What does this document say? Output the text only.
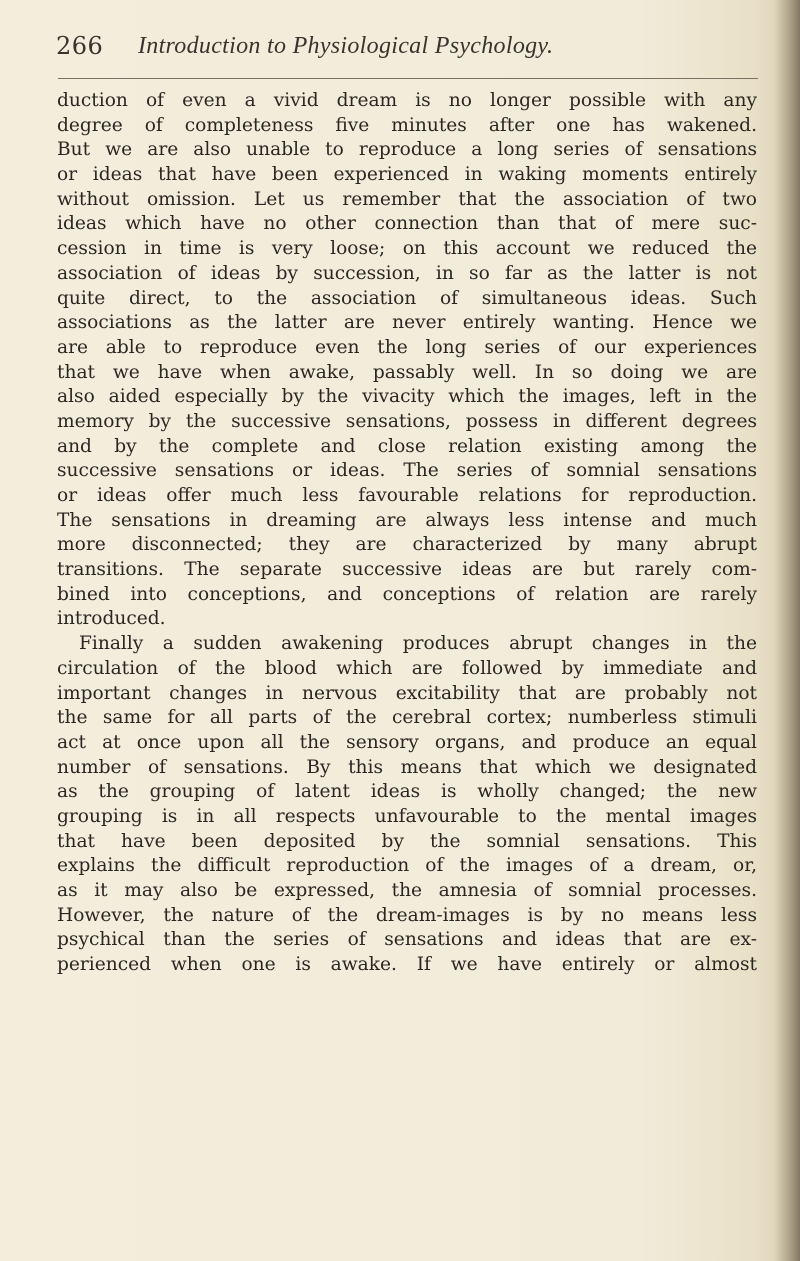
266 Introduction to Physiological Psychology.
duction of even a vivid dream is no longer possible with any
degree of completeness five minutes after one has wakened.
But we are also unable to reproduce a long series of sensations
or ideas that have been experienced in waking moments entirely
without omission. Let us remember that the association of two
ideas which have no other connection than that of mere suc-
cession in time is very loose; on this account we reduced the
association of ideas by succession, in so far as the latter is not
quite direct, to the association of simultaneous ideas. Such
associations as the latter are never entirely wanting. Hence we
are able to reproduce even the long series of our experiences
that we have when awake, passably well. In so doing we are
also aided especially by the vivacity which the images, left in the
memory by the successive sensations, possess in different degrees
and by the complete and close relation existing among the
successive sensations or ideas. The series of somnial sensations
or ideas offer much less favourable relations for reproduction.
The sensations in dreaming are always less intense and much
more disconnected; they are characterized by many abrupt
transitions. The separate successive ideas are but rarely com-
bined into conceptions, and conceptions of relation are rarely
introduced.
Finally a sudden awakening produces abrupt changes in the
circulation of the blood which are followed by immediate and
important changes in nervous excitability that are probably not
the same for all parts of the cerebral cortex; numberless stimuli
act at once upon all the sensory organs, and produce an equal
number of sensations. By this means that which we designated
as the grouping of latent ideas is wholly changed; the new
grouping is in all respects unfavourable to the mental images
that have been deposited by the somnial sensations. This
explains the difficult reproduction of the images of a dream, or,
as it may also be expressed, the amnesia of somnial processes.
However, the nature of the dream-images is by no means less
psychical than the series of sensations and ideas that are ex-
perienced when one is awake. If we have entirely or almost
